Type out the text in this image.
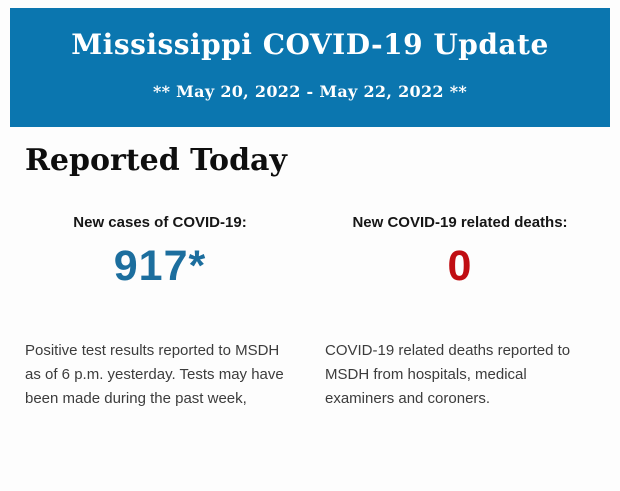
Mississippi COVID-19 Update
** May 20, 2022 - May 22, 2022 **
Reported Today
New cases of COVID-19:
917*
Positive test results reported to MSDH as of 6 p.m. yesterday. Tests may have been made during the past week,
New COVID-19 related deaths:
0
COVID-19 related deaths reported to MSDH from hospitals, medical examiners and coroners.
